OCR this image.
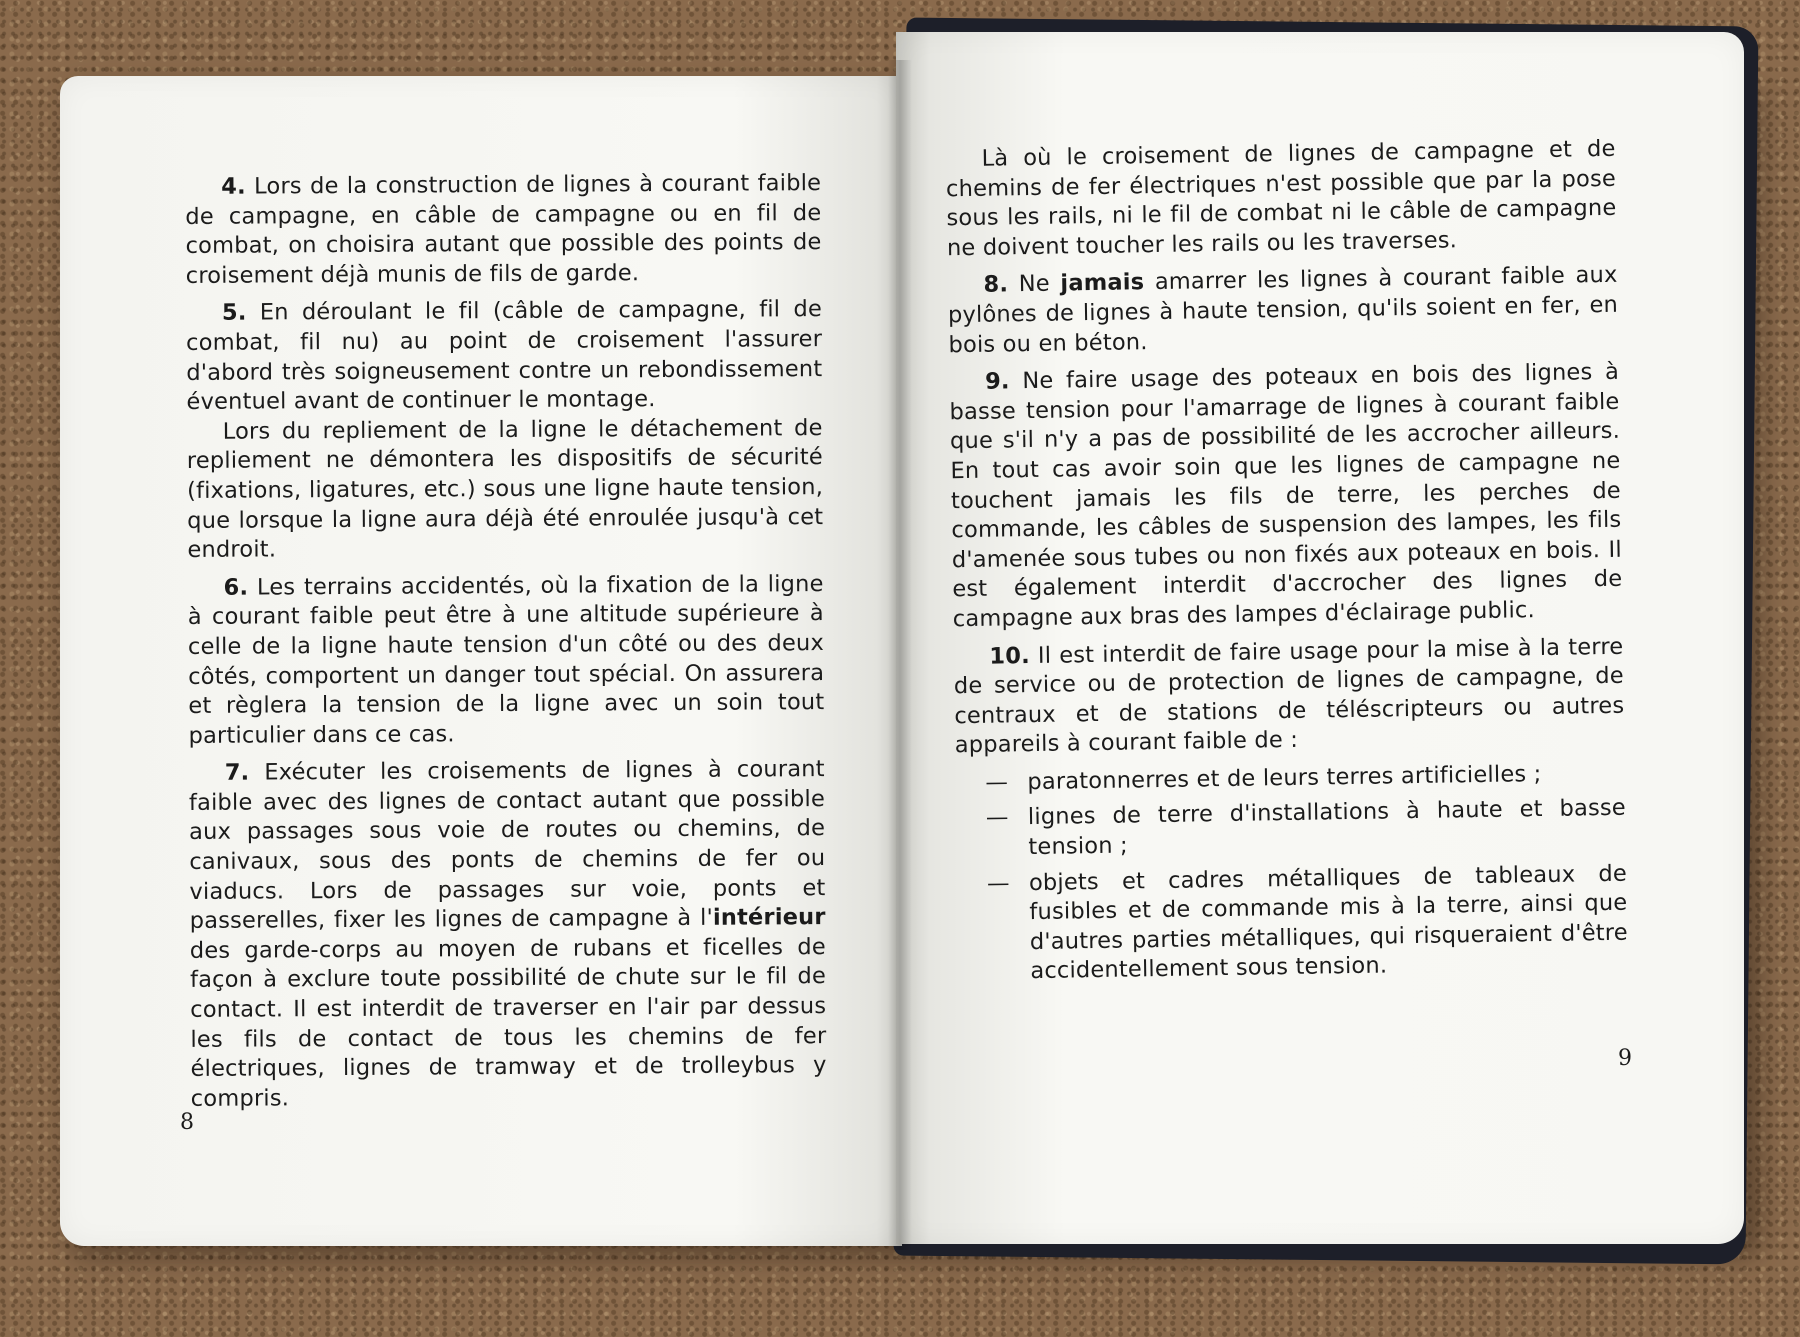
4. Lors de la construction de lignes à courant faible de campagne, en câble de campagne ou en fil de combat, on choisira autant que possible des points de croisement déjà munis de fils de garde.

5. En déroulant le fil (câble de campagne, fil de combat, fil nu) au point de croisement l'assurer d'abord très soigneusement contre un rebondissement éventuel avant de continuer le montage.

Lors du repliement de la ligne le détachement de repliement ne démontera les dispositifs de sécurité (fixations, ligatures, etc.) sous une ligne haute tension, que lorsque la ligne aura déjà été enroulée jusqu'à cet endroit.

6. Les terrains accidentés, où la fixation de la ligne à courant faible peut être à une altitude supérieure à celle de la ligne haute tension d'un côté ou des deux côtés, comportent un danger tout spécial. On assurera et règlera la tension de la ligne avec un soin tout particulier dans ce cas.

7. Exécuter les croisements de lignes à courant faible avec des lignes de contact autant que possible aux passages sous voie de routes ou chemins, de canivaux, sous des ponts de chemins de fer ou viaducs. Lors de passages sur voie, ponts et passerelles, fixer les lignes de campagne à l'intérieur des garde-corps au moyen de rubans et ficelles de façon à exclure toute possibilité de chute sur le fil de contact. Il est interdit de traverser en l'air par dessus les fils de contact de tous les chemins de fer électriques, lignes de tramway et de trolleybus y compris.

8

Là où le croisement de lignes de campagne et de chemins de fer électriques n'est possible que par la pose sous les rails, ni le fil de combat ni le câble de campagne ne doivent toucher les rails ou les traverses.

8. Ne jamais amarrer les lignes à courant faible aux pylônes de lignes à haute tension, qu'ils soient en fer, en bois ou en béton.

9. Ne faire usage des poteaux en bois des lignes à basse tension pour l'amarrage de lignes à courant faible que s'il n'y a pas de possibilité de les accrocher ailleurs. En tout cas avoir soin que les lignes de campagne ne touchent jamais les fils de terre, les perches de commande, les câbles de suspension des lampes, les fils d'amenée sous tubes ou non fixés aux poteaux en bois. Il est également interdit d'accrocher des lignes de campagne aux bras des lampes d'éclairage public.

10. Il est interdit de faire usage pour la mise à la terre de service ou de protection de lignes de campagne, de centraux et de stations de téléscripteurs ou autres appareils à courant faible de :

— paratonnerres et de leurs terres artificielles ;
— lignes de terre d'installations à haute et basse tension ;
— objets et cadres métalliques de tableaux de fusibles et de commande mis à la terre, ainsi que d'autres parties métalliques, qui risqueraient d'être accidentellement sous tension.
9
